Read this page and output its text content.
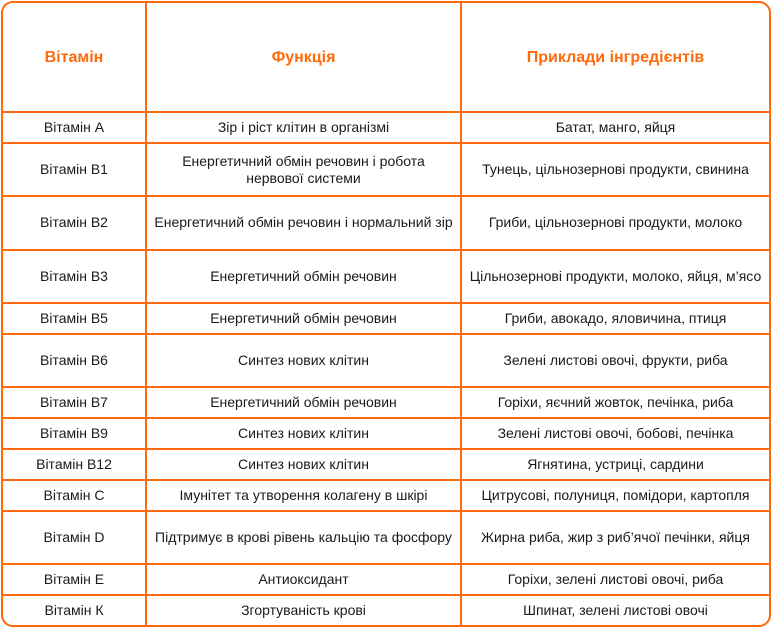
Вітамін	Функція	Приклади інгредієнтів
Вітамін А	Зір і ріст клітин в організмі	Батат, манго, яйця
Вітамін B1	Енергетичний обмін речовин і робота нервової системи	Тунець, цільнозернові продукти, свинина
Вітамін B2	Енергетичний обмін речовин і нормальний зір	Гриби, цільнозернові продукти, молоко
Вітамін B3	Енергетичний обмін речовин	Цільнозернові продукти, молоко, яйця, м’ясо
Вітамін B5	Енергетичний обмін речовин	Гриби, авокадо, яловичина, птиця
Вітамін B6	Синтез нових клітин	Зелені листові овочі, фрукти, риба
Вітамін B7	Енергетичний обмін речовин	Горіхи, яєчний жовток, печінка, риба
Вітамін B9	Синтез нових клітин	Зелені листові овочі, бобові, печінка
Вітамін B12	Синтез нових клітин	Ягнятина, устриці, сардини
Вітамін С	Імунітет та утворення колагену в шкірі	Цитрусові, полуниця, помідори, картопля
Вітамін D	Підтримує в крові рівень кальцію та фосфору	Жирна риба, жир з риб’ячої печінки, яйця
Вітамін Е	Антиоксидант	Горіхи, зелені листові овочі, риба
Вітамін К	Згортуваність крові	Шпинат, зелені листові овочі
